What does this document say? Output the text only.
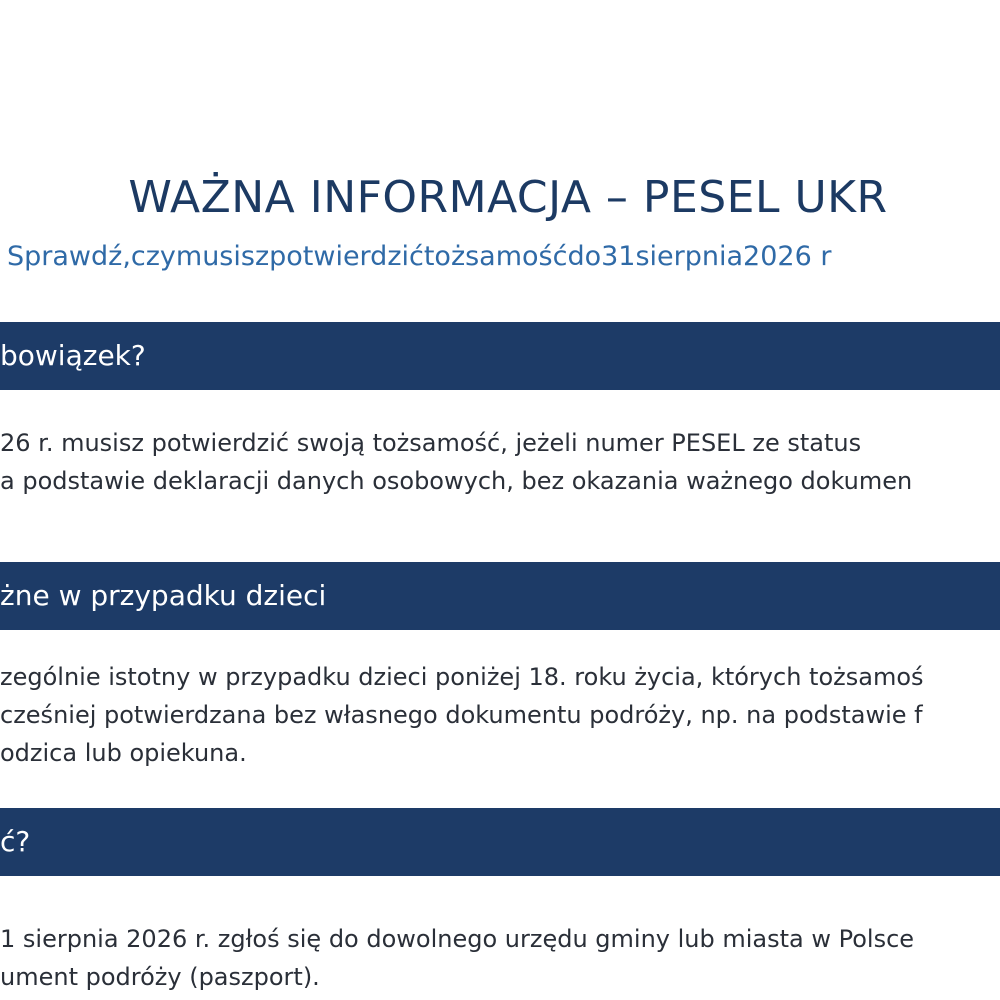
WAŻNA INFORMACJA – PESEL UKR
Sprawdź,czymusiszpotwierdzićtożsamośćdo31sierpnia2026 r
bowiązek?
26 r. musisz potwierdzić swoją tożsamość, jeżeli numer PESEL ze status
a podstawie deklaracji danych osobowych, bez okazania ważnego dokumen
żne w przypadku dzieci
zególnie istotny w przypadku dzieci poniżej 18. roku życia, których tożsamoś
cześniej potwierdzana bez własnego dokumentu podróży, np. na podstawie f
odzica lub opiekuna.
ć?
1 sierpnia 2026 r. zgłoś się do dowolnego urzędu gminy lub miasta w Polsce
ument podróży (paszport).
